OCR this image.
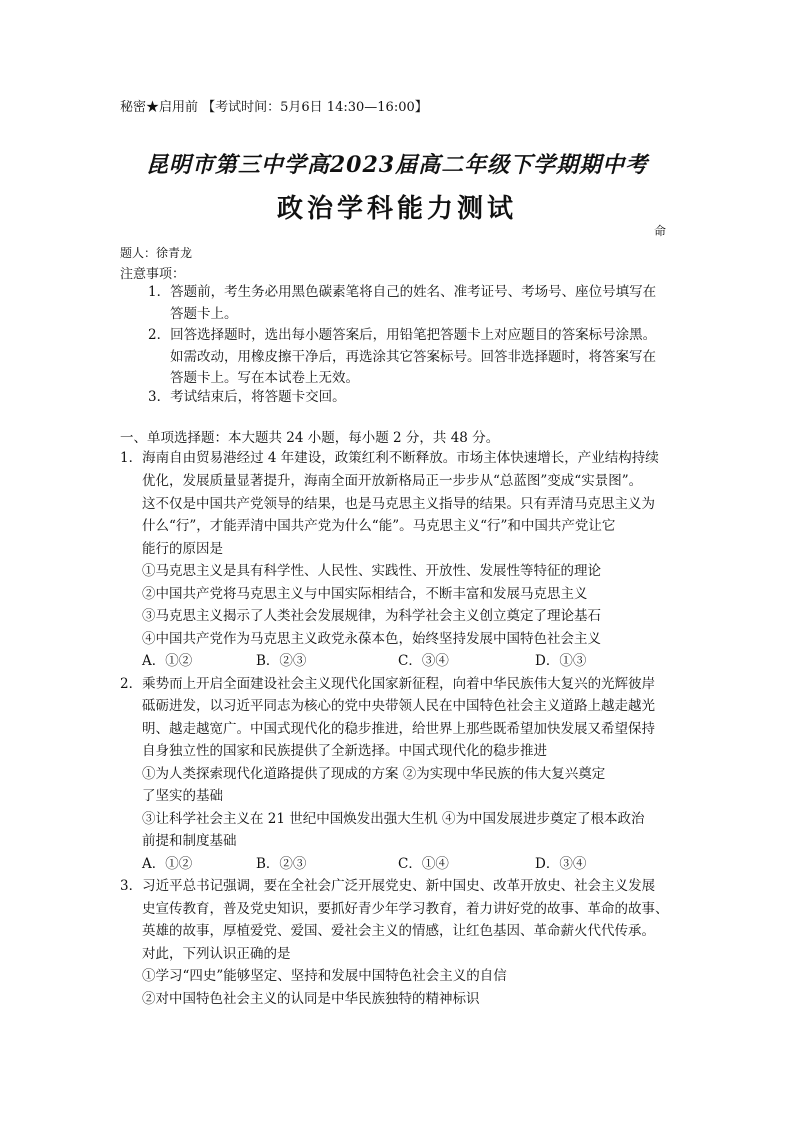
秘密★启用前 【考试时间：5月6日 14:30—16:00】
昆明市第三中学高2023届高二年级下学期期中考
政治学科能力测试
命
题人：徐青龙
注意事项：
1．答题前，考生务必用黑色碳素笔将自己的姓名、准考证号、考场号、座位号填写在
答题卡上。
2．回答选择题时，选出每小题答案后，用铅笔把答题卡上对应题目的答案标号涂黑。
如需改动，用橡皮擦干净后，再选涂其它答案标号。回答非选择题时，将答案写在
答题卡上。写在本试卷上无效。
3．考试结束后，将答题卡交回。
一、单项选择题：本大题共 24 小题，每小题 2 分，共 48 分。
1．海南自由贸易港经过 4 年建设，政策红利不断释放。市场主体快速增长，产业结构持续
优化，发展质量显著提升，海南全面开放新格局正一步步从“总蓝图”变成“实景图”。
这不仅是中国共产党领导的结果，也是马克思主义指导的结果。只有弄清马克思主义为
什么“行”，才能弄清中国共产党为什么“能”。马克思主义“行”和中国共产党让它
能行的原因是
①马克思主义是具有科学性、人民性、实践性、开放性、发展性等特征的理论
②中国共产党将马克思主义与中国实际相结合，不断丰富和发展马克思主义
③马克思主义揭示了人类社会发展规律，为科学社会主义创立奠定了理论基石
④中国共产党作为马克思主义政党永葆本色，始终坚持发展中国特色社会主义
A．①②	B．②③	C．③④	D．①③
2．乘势而上开启全面建设社会主义现代化国家新征程，向着中华民族伟大复兴的光辉彼岸
砥砺进发，以习近平同志为核心的党中央带领人民在中国特色社会主义道路上越走越光
明、越走越宽广。中国式现代化的稳步推进，给世界上那些既希望加快发展又希望保持
自身独立性的国家和民族提供了全新选择。中国式现代化的稳步推进
①为人类探索现代化道路提供了现成的方案 ②为实现中华民族的伟大复兴奠定
了坚实的基础
③让科学社会主义在 21 世纪中国焕发出强大生机 ④为中国发展进步奠定了根本政治
前提和制度基础
A．①②	B．②③	C．①④	D．③④
3．习近平总书记强调，要在全社会广泛开展党史、新中国史、改革开放史、社会主义发展
史宣传教育，普及党史知识，要抓好青少年学习教育，着力讲好党的故事、革命的故事、
英雄的故事，厚植爱党、爱国、爱社会主义的情感，让红色基因、革命薪火代代传承。
对此，下列认识正确的是
①学习“四史”能够坚定、坚持和发展中国特色社会主义的自信
②对中国特色社会主义的认同是中华民族独特的精神标识
